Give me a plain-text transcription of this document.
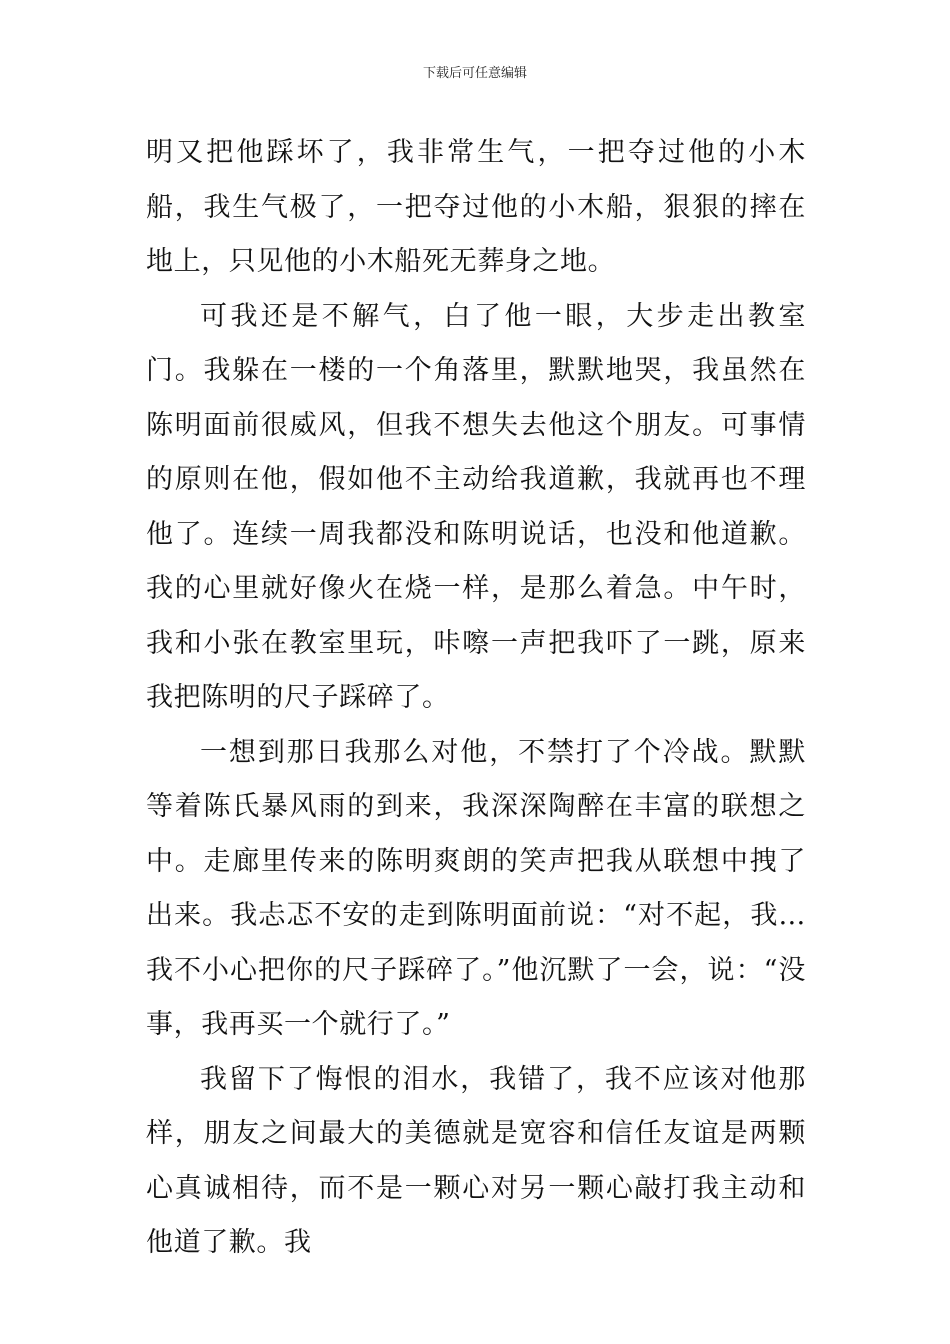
下载后可任意编辑

明又把他踩坏了，我非常生气，一把夺过他的小木船，我生气极了，一把夺过他的小木船，狠狠的摔在地上，只见他的小木船死无葬身之地。

可我还是不解气，白了他一眼，大步走出教室门。我躲在一楼的一个角落里，默默地哭，我虽然在陈明面前很威风，但我不想失去他这个朋友。可事情的原则在他，假如他不主动给我道歉，我就再也不理他了。连续一周我都没和陈明说话，也没和他道歉。我的心里就好像火在烧一样，是那么着急。中午时，我和小张在教室里玩，咔嚓一声把我吓了一跳，原来我把陈明的尺子踩碎了。

一想到那日我那么对他，不禁打了个冷战。默默等着陈氏暴风雨的到来，我深深陶醉在丰富的联想之中。走廊里传来的陈明爽朗的笑声把我从联想中拽了出来。我忐忑不安的走到陈明面前说：“对不起，我…我不小心把你的尺子踩碎了。”他沉默了一会，说：“没事，我再买一个就行了。”

我留下了悔恨的泪水，我错了，我不应该对他那样，朋友之间最大的美德就是宽容和信任友谊是两颗心真诚相待，而不是一颗心对另一颗心敲打我主动和他道了歉。我
